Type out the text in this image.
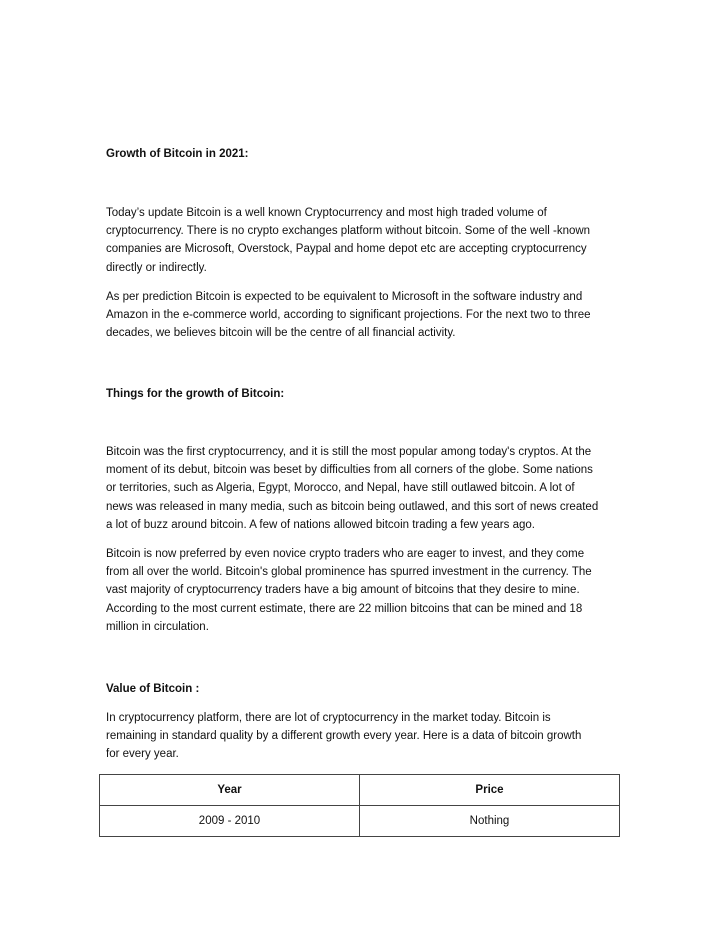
Growth of Bitcoin in 2021:
Today’s update Bitcoin is a well known Cryptocurrency and most high traded volume of
cryptocurrency. There is no crypto exchanges platform without bitcoin. Some of the well -known
companies are Microsoft, Overstock, Paypal and home depot etc are accepting cryptocurrency
directly or indirectly.
As per prediction Bitcoin is expected to be equivalent to Microsoft in the software industry and
Amazon in the e-commerce world, according to significant projections. For the next two to three
decades, we believes bitcoin will be the centre of all financial activity.
Things for the growth of Bitcoin:
Bitcoin was the first cryptocurrency, and it is still the most popular among today's cryptos. At the
moment of its debut, bitcoin was beset by difficulties from all corners of the globe. Some nations
or territories, such as Algeria, Egypt, Morocco, and Nepal, have still outlawed bitcoin. A lot of
news was released in many media, such as bitcoin being outlawed, and this sort of news created
a lot of buzz around bitcoin. A few of nations allowed bitcoin trading a few years ago.
Bitcoin is now preferred by even novice crypto traders who are eager to invest, and they come
from all over the world. Bitcoin's global prominence has spurred investment in the currency. The
vast majority of cryptocurrency traders have a big amount of bitcoins that they desire to mine.
According to the most current estimate, there are 22 million bitcoins that can be mined and 18
million in circulation.
Value of Bitcoin :
In cryptocurrency platform, there are lot of cryptocurrency in the market today. Bitcoin is
remaining in standard quality by a different growth every year. Here is a data of bitcoin growth
for every year.
Year	Price
2009 - 2010	Nothing
